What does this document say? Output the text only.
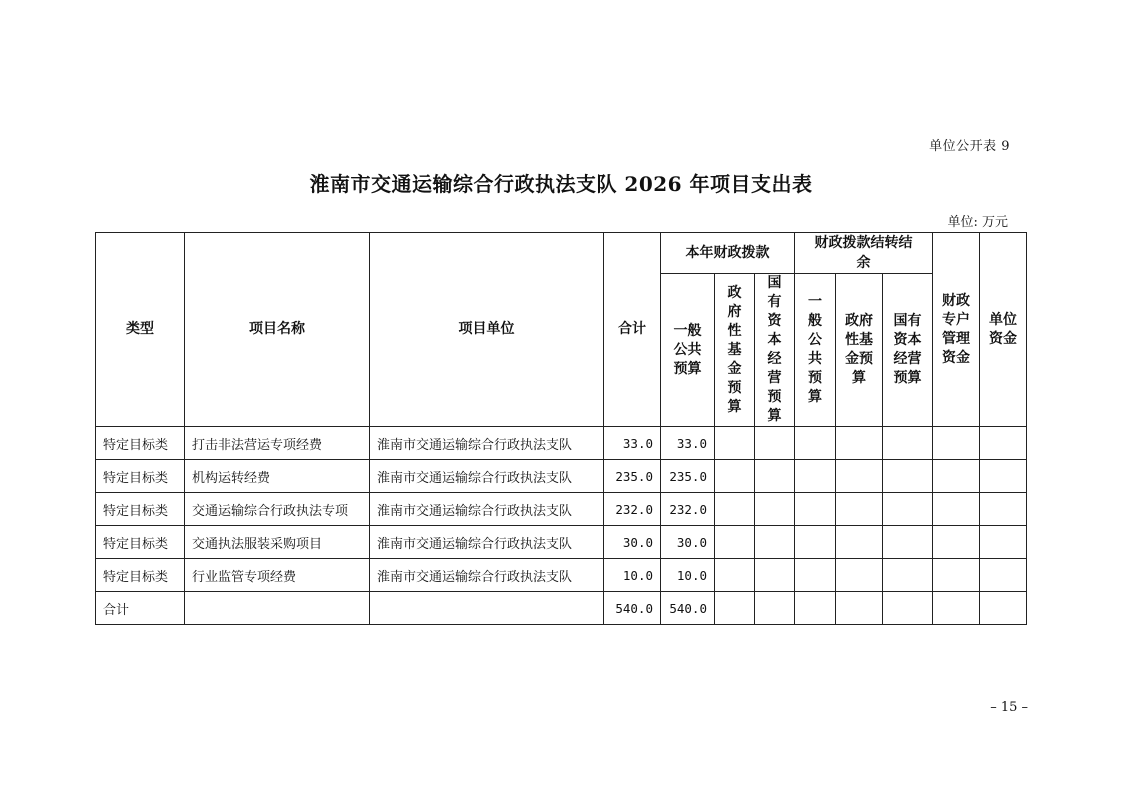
单位公开表 9
淮南市交通运输综合行政执法支队 2026 年项目支出表
单位: 万元
类型	项目名称	项目单位	合计	本年财政拨款			财政拨款结转结余			财政专户管理资金	单位资金

				一般公共预算	政府性基金预算	国有资本经营预算	一般公共预算	政府性基金预算	国有资本经营预算		

特定目标类	打击非法营运专项经费	淮南市交通运输综合行政执法支队	33.0	33.0							
特定目标类	机构运转经费	淮南市交通运输综合行政执法支队	235.0	235.0							
特定目标类	交通运输综合行政执法专项	淮南市交通运输综合行政执法支队	232.0	232.0							
特定目标类	交通执法服装采购项目	淮南市交通运输综合行政执法支队	30.0	30.0							
特定目标类	行业监管专项经费	淮南市交通运输综合行政执法支队	10.0	10.0							
合计			540.0	540.0							
– 15 –
